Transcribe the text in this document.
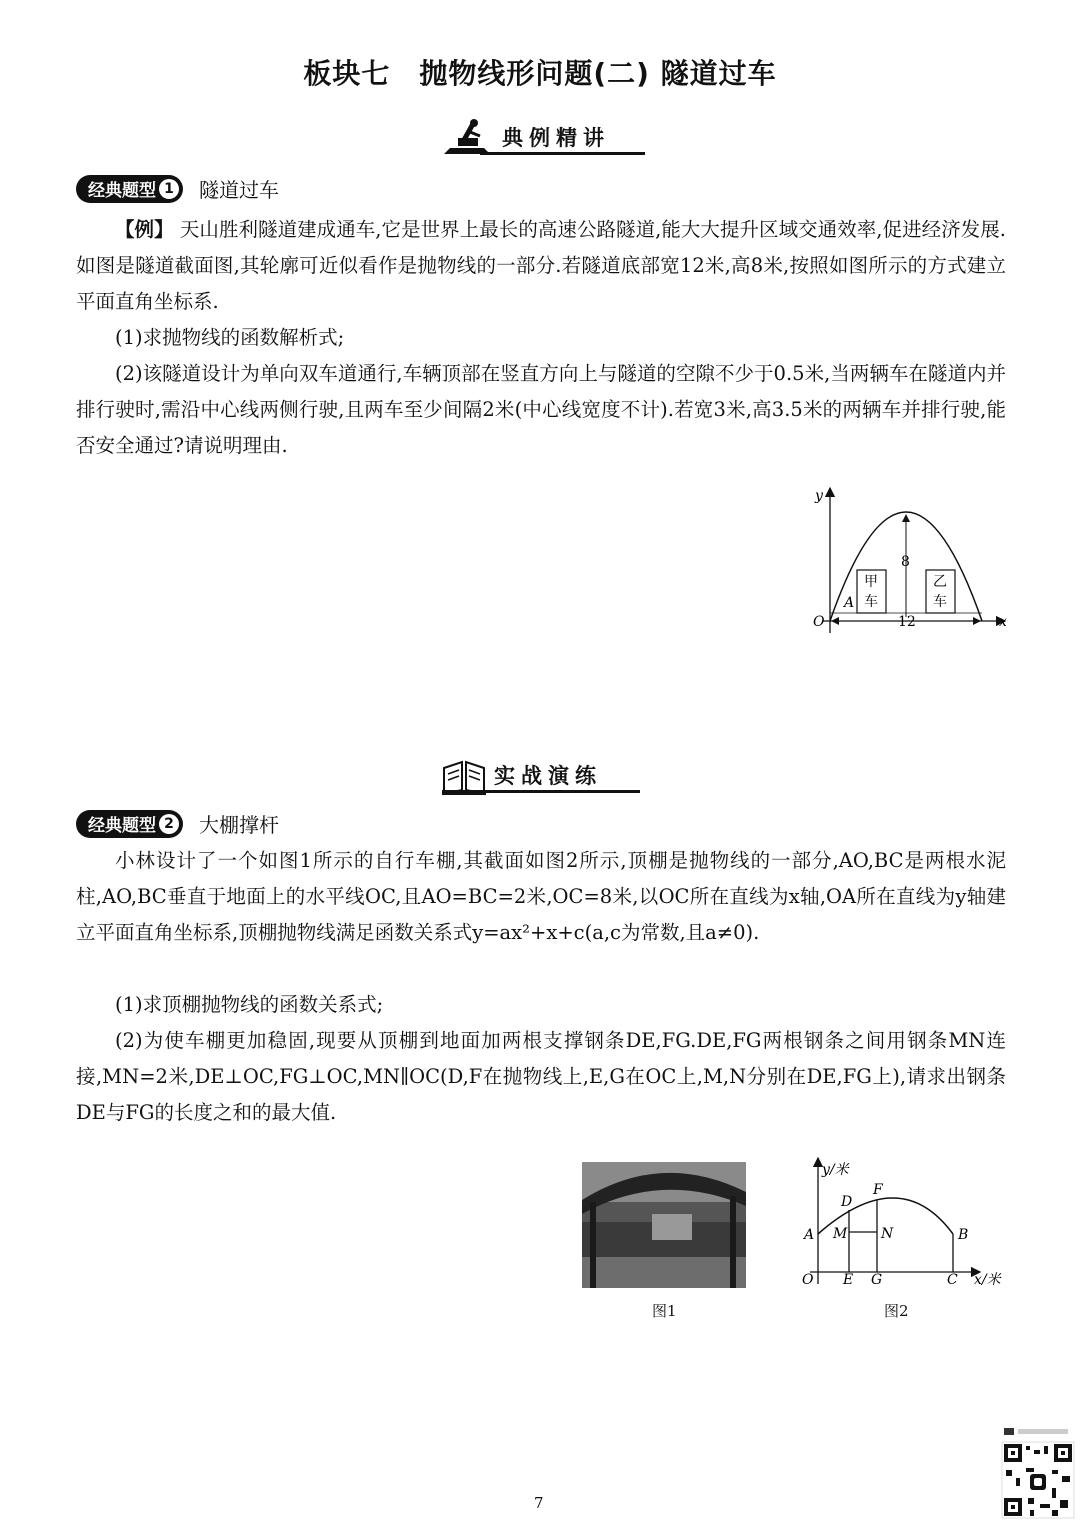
板块七　抛物线形问题(二) 隧道过车
典例精讲
经典题型 1 隧道过车

【例】 天山胜利隧道建成通车,它是世界上最长的高速公路隧道,能大大提升区域交通效率,促进经济发展.如图是隧道截面图,其轮廓可近似看作是抛物线的一部分.若隧道底部宽12米,高8米,按照如图所示的方式建立平面直角坐标系.

(1)求抛物线的函数解析式;

(2)该隧道设计为单向双车道通行,车辆顶部在竖直方向上与隧道的空隙不少于0.5米,当两辆车在隧道内并排行驶时,需沿中心线两侧行驶,且两车至少间隔2米(中心线宽度不计).若宽3米,高3.5米的两辆车并排行驶,能否安全通过?请说明理由.

y
x
O
A
8
12
甲
车
乙
车
实战演练
经典题型 2 大棚撑杆

小林设计了一个如图1所示的自行车棚,其截面如图2所示,顶棚是抛物线的一部分,AO,BC是两根水泥柱,AO,BC垂直于地面上的水平线OC,且AO=BC=2米,OC=8米,以OC所在直线为x轴,OA所在直线为y轴建立平面直角坐标系,顶棚抛物线满足函数关系式y=ax²+x+c(a,c为常数,且a≠0).

(1)求顶棚抛物线的函数关系式;

(2)为使车棚更加稳固,现要从顶棚到地面加两根支撑钢条DE,FG.DE,FG两根钢条之间用钢条MN连接,MN=2米,DE⊥OC,FG⊥OC,MN∥OC(D,F在抛物线上,E,G在OC上,M,N分别在DE,FG上),请求出钢条DE与FG的长度之和的最大值.

图1
y/米
x/米
O
A	B
C
D
F
M N
E G
图2
7
